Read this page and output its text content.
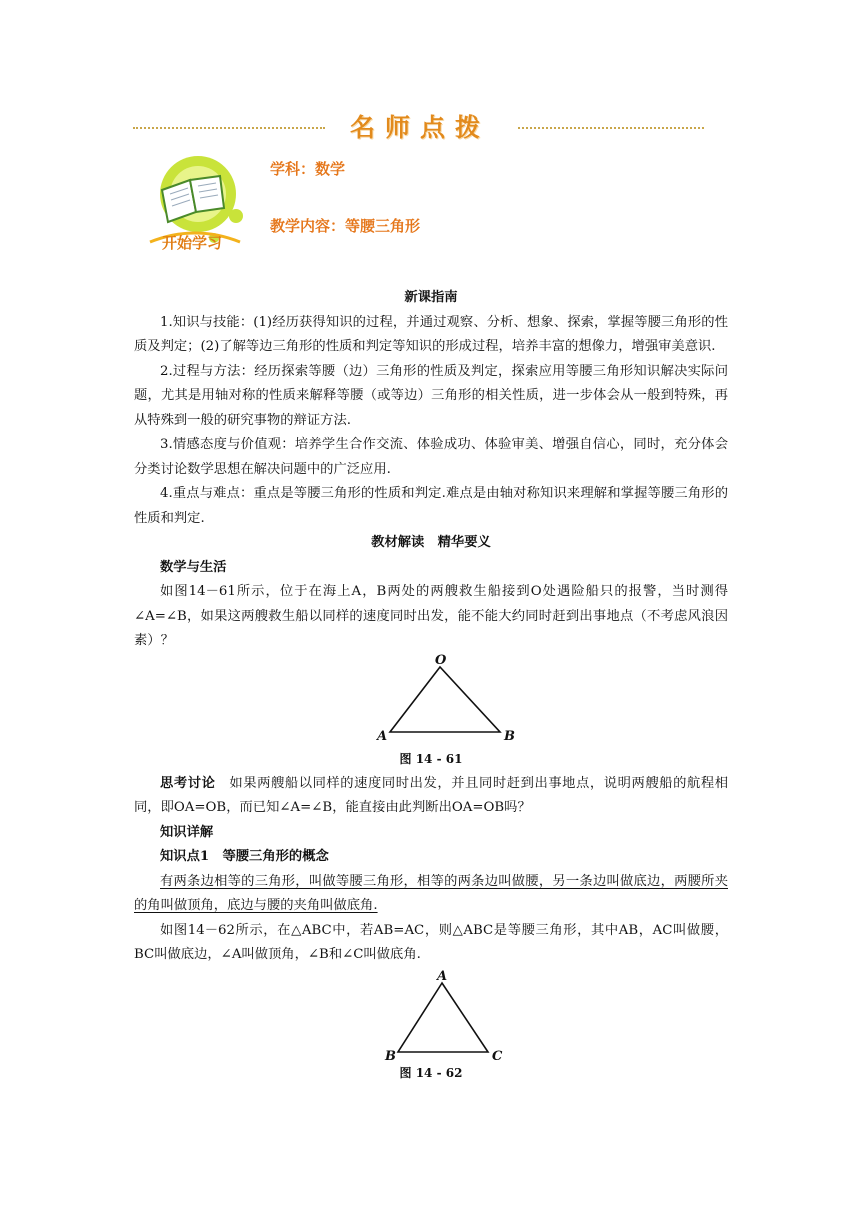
名师点拨
开始学习
学科：数学
教学内容：等腰三角形

新课指南

1.知识与技能：(1)经历获得知识的过程，并通过观察、分析、想象、探索，掌握等腰三角形的性质及判定；(2)了解等边三角形的性质和判定等知识的形成过程，培养丰富的想像力，增强审美意识.

2.过程与方法：经历探索等腰（边）三角形的性质及判定，探索应用等腰三角形知识解决实际问题，尤其是用轴对称的性质来解释等腰（或等边）三角形的相关性质，进一步体会从一般到特殊，再从特殊到一般的研究事物的辩证方法.

3.情感态度与价值观：培养学生合作交流、体验成功、体验审美、增强自信心，同时，充分体会分类讨论数学思想在解决问题中的广泛应用.

4.重点与难点：重点是等腰三角形的性质和判定.难点是由轴对称知识来理解和掌握等腰三角形的性质和判定.

教材解读　精华要义

数学与生活

如图14－61所示，位于在海上A，B两处的两艘救生船接到O处遇险船只的报警，当时测得∠A=∠B，如果这两艘救生船以同样的速度同时出发，能不能大约同时赶到出事地点（不考虑风浪因素）？

O
A	B

图 14 - 61

思考讨论　 如果两艘船以同样的速度同时出发，并且同时赶到出事地点，说明两艘船的航程相同，即OA=OB，而已知∠A=∠B，能直接由此判断出OA=OB吗？

知识详解

知识点1　等腰三角形的概念

有两条边相等的三角形，叫做等腰三角形，相等的两条边叫做腰，另一条边叫做底边，两腰所夹的角叫做顶角，底边与腰的夹角叫做底角.

如图14－62所示，在△ABC中，若AB=AC，则△ABC是等腰三角形，其中AB，AC叫做腰，BC叫做底边，∠A叫做顶角，∠B和∠C叫做底角.

A
B	C

图 14 - 62
